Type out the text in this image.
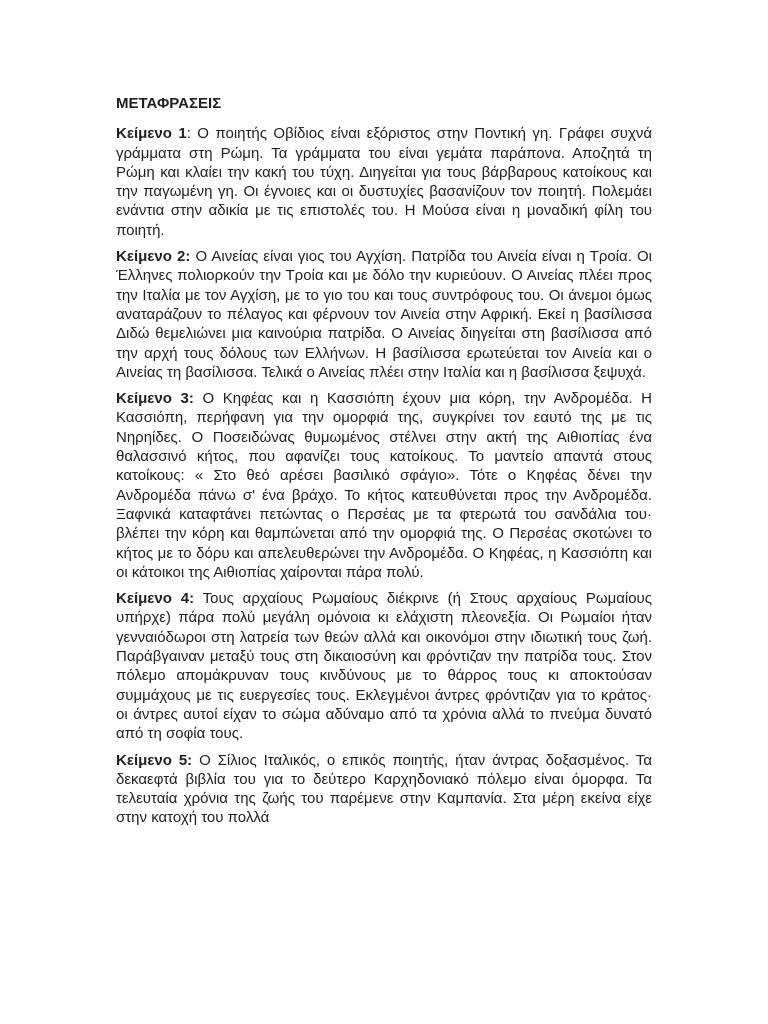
ΜΕΤΑΦΡΑΣΕΙΣ

Κείμενο 1: Ο ποιητής Οβίδιος είναι εξόριστος στην Ποντική γη. Γράφει συχνά γράμματα στη Ρώμη. Τα γράμματα του είναι γεμάτα παράπονα. Αποζητά τη Ρώμη και κλαίει την κακή του τύχη. Διηγείται για τους βάρβαρους κατοίκους και την παγωμένη γη. Οι έγνοιες και οι δυστυχίες βασανίζουν τον ποιητή. Πολεμάει ενάντια στην αδικία με τις επιστολές του. Η Μούσα είναι η μοναδική φίλη του ποιητή.

Κείμενο 2: Ο Αινείας είναι γιος του Αγχίση. Πατρίδα του Αινεία είναι η Τροία. Οι Έλληνες πολιορκούν την Τροία και με δόλο την κυριεύουν. Ο Αινείας πλέει προς την Ιταλία με τον Αγχίση, με το γιο του και τους συντρόφους του. Οι άνεμοι όμως αναταράζουν το πέλαγος και φέρνουν τον Αινεία στην Αφρική. Εκεί η βασίλισσα Διδώ θεμελιώνει μια καινούρια πατρίδα. Ο Αινείας διηγείται στη βασίλισσα από την αρχή τους δόλους των Ελλήνων. Η βασίλισσα ερωτεύεται τον Αινεία και ο Αινείας τη βασίλισσα. Τελικά ο Αινείας πλέει στην Ιταλία και η βασίλισσα ξεψυχά.

Κείμενο 3: Ο Κηφέας και η Κασσιόπη έχουν μια κόρη, την Ανδρομέδα. Η Κασσιόπη, περήφανη για την ομορφιά της, συγκρίνει τον εαυτό της με τις Νηρηίδες. Ο Ποσειδώνας θυμωμένος στέλνει στην ακτή της Αιθιοπίας ένα θαλασσινό κήτος, που αφανίζει τους κατοίκους. Το μαντείο απαντά στους κατοίκους: « Στο θεό αρέσει βασιλικό σφάγιο». Τότε ο Κηφέας δένει την Ανδρομέδα πάνω σ' ένα βράχο. Το κήτος κατευθύνεται προς την Ανδρομέδα. Ξαφνικά καταφτάνει πετώντας ο Περσέας με τα φτερωτά του σανδάλια του· βλέπει την κόρη και θαμπώνεται από την ομορφιά της. Ο Περσέας σκοτώνει το κήτος με το δόρυ και απελευθερώνει την Ανδρομέδα. Ο Κηφέας, η Κασσιόπη και οι κάτοικοι της Αιθιοπίας χαίρονται πάρα πολύ.

Κείμενο 4: Τους αρχαίους Ρωμαίους διέκρινε (ή Στους αρχαίους Ρωμαίους υπήρχε) πάρα πολύ μεγάλη ομόνοια κι ελάχιστη πλεονεξία. Οι Ρωμαίοι ήταν γενναιόδωροι στη λατρεία των θεών αλλά και οικονόμοι στην ιδιωτική τους ζωή. Παράβγαιναν μεταξύ τους στη δικαιοσύνη και φρόντιζαν την πατρίδα τους. Στον πόλεμο απομάκρυναν τους κινδύνους με το θάρρος τους κι αποκτούσαν συμμάχους με τις ευεργεσίες τους. Εκλεγμένοι άντρες φρόντιζαν για το κράτος· οι άντρες αυτοί είχαν το σώμα αδύναμο από τα χρόνια αλλά το πνεύμα δυνατό από τη σοφία τους.

Κείμενο 5: Ο Σίλιος Ιταλικός, ο επικός ποιητής, ήταν άντρας δοξασμένος. Τα δεκαεφτά βιβλία του για το δεύτερο Καρχηδονιακό πόλεμο είναι όμορφα. Τα τελευταία χρόνια της ζωής του παρέμενε στην Καμπανία. Στα μέρη εκείνα είχε στην κατοχή του πολλά
